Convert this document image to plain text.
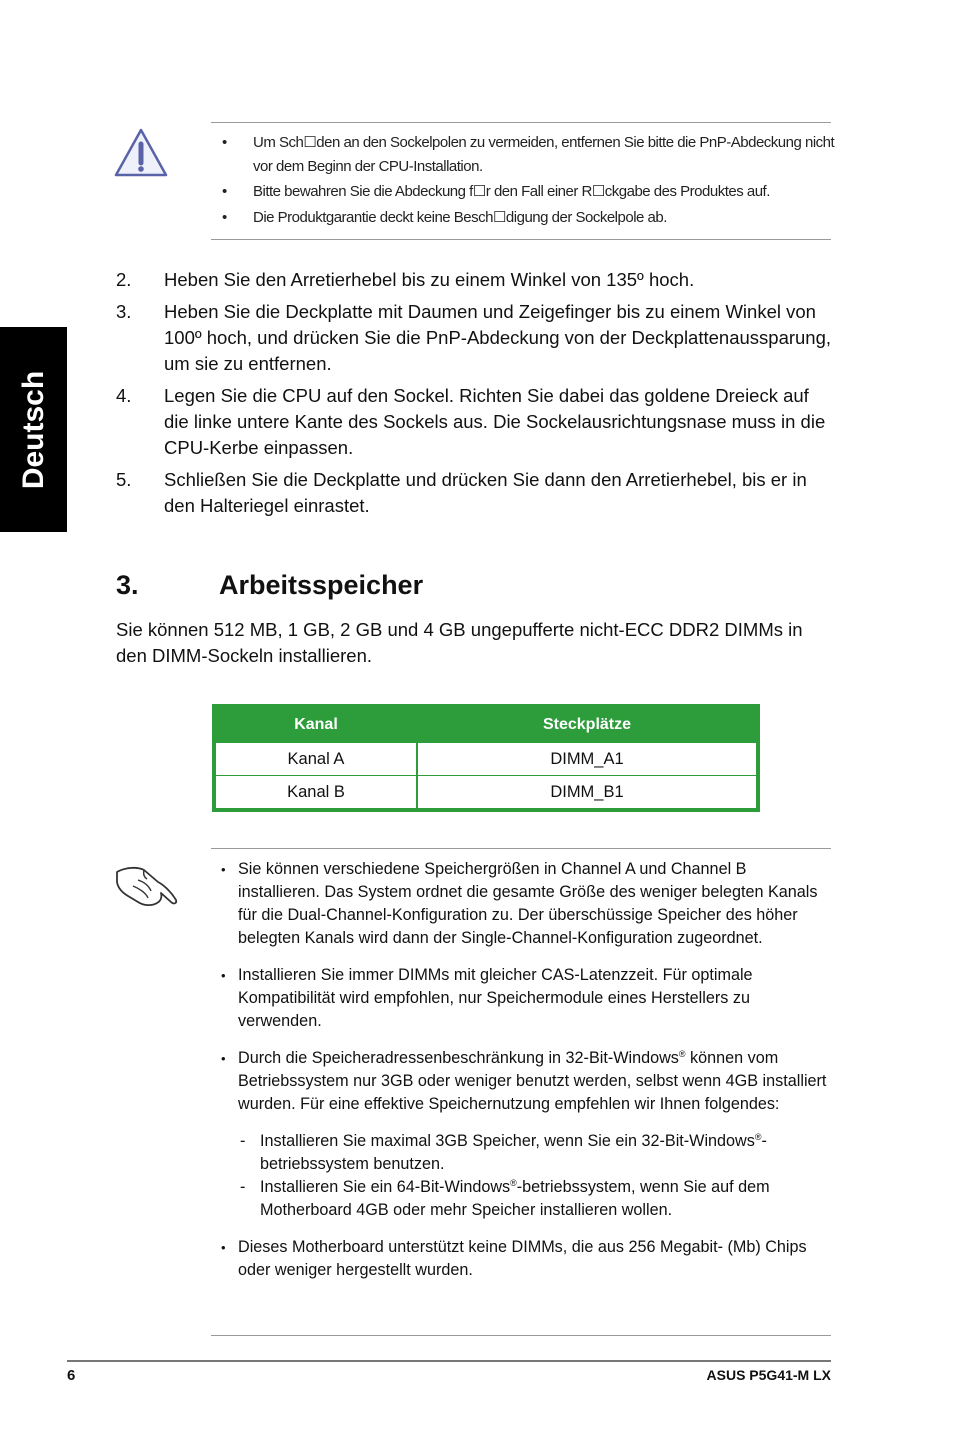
Deutsch
• Um Sch☐den an den Sockelpolen zu vermeiden, entfernen Sie bitte die PnP-Abdeckung nicht vor dem Beginn der CPU-Installation.
• Bitte bewahren Sie die Abdeckung f☐r den Fall einer R☐ckgabe des Produktes auf.
• Die Produktgarantie deckt keine Besch☐digung der Sockelpole ab.
2. Heben Sie den Arretierhebel bis zu einem Winkel von 135º hoch.
3. Heben Sie die Deckplatte mit Daumen und Zeigefinger bis zu einem Winkel von 100º hoch, und drücken Sie die PnP-Abdeckung von der Deckplattenaussparung, um sie zu entfernen.
4. Legen Sie die CPU auf den Sockel. Richten Sie dabei das goldene Dreieck auf die linke untere Kante des Sockels aus. Die Sockelausrichtungsnase muss in die CPU-Kerbe einpassen.
5. Schließen Sie die Deckplatte und drücken Sie dann den Arretierhebel, bis er in den Halteriegel einrastet.
3.	Arbeitsspeicher
Sie können 512 MB, 1 GB, 2 GB und 4 GB ungepufferte nicht-ECC DDR2 DIMMs in den DIMM-Sockeln installieren.
Kanal	Steckplätze
Kanal A	DIMM_A1
Kanal B	DIMM_B1
• Sie können verschiedene Speichergrößen in Channel A und Channel B installieren. Das System ordnet die gesamte Größe des weniger belegten Kanals für die Dual-Channel-Konfiguration zu. Der überschüssige Speicher des höher belegten Kanals wird dann der Single-Channel-Konfiguration zugeordnet.
• Installieren Sie immer DIMMs mit gleicher CAS-Latenzzeit. Für optimale Kompatibilität wird empfohlen, nur Speichermodule eines Herstellers zu verwenden.
• Durch die Speicheradressenbeschränkung in 32-Bit-Windows® können vom Betriebssystem nur 3GB oder weniger benutzt werden, selbst wenn 4GB installiert wurden. Für eine effektive Speichernutzung empfehlen wir Ihnen folgendes:
- Installieren Sie maximal 3GB Speicher, wenn Sie ein 32-Bit-Windows®-betriebssystem benutzen.
- Installieren Sie ein 64-Bit-Windows®-betriebssystem, wenn Sie auf dem Motherboard 4GB oder mehr Speicher installieren wollen.
• Dieses Motherboard unterstützt keine DIMMs, die aus 256 Megabit- (Mb) Chips oder weniger hergestellt wurden.
6	ASUS P5G41-M LX
